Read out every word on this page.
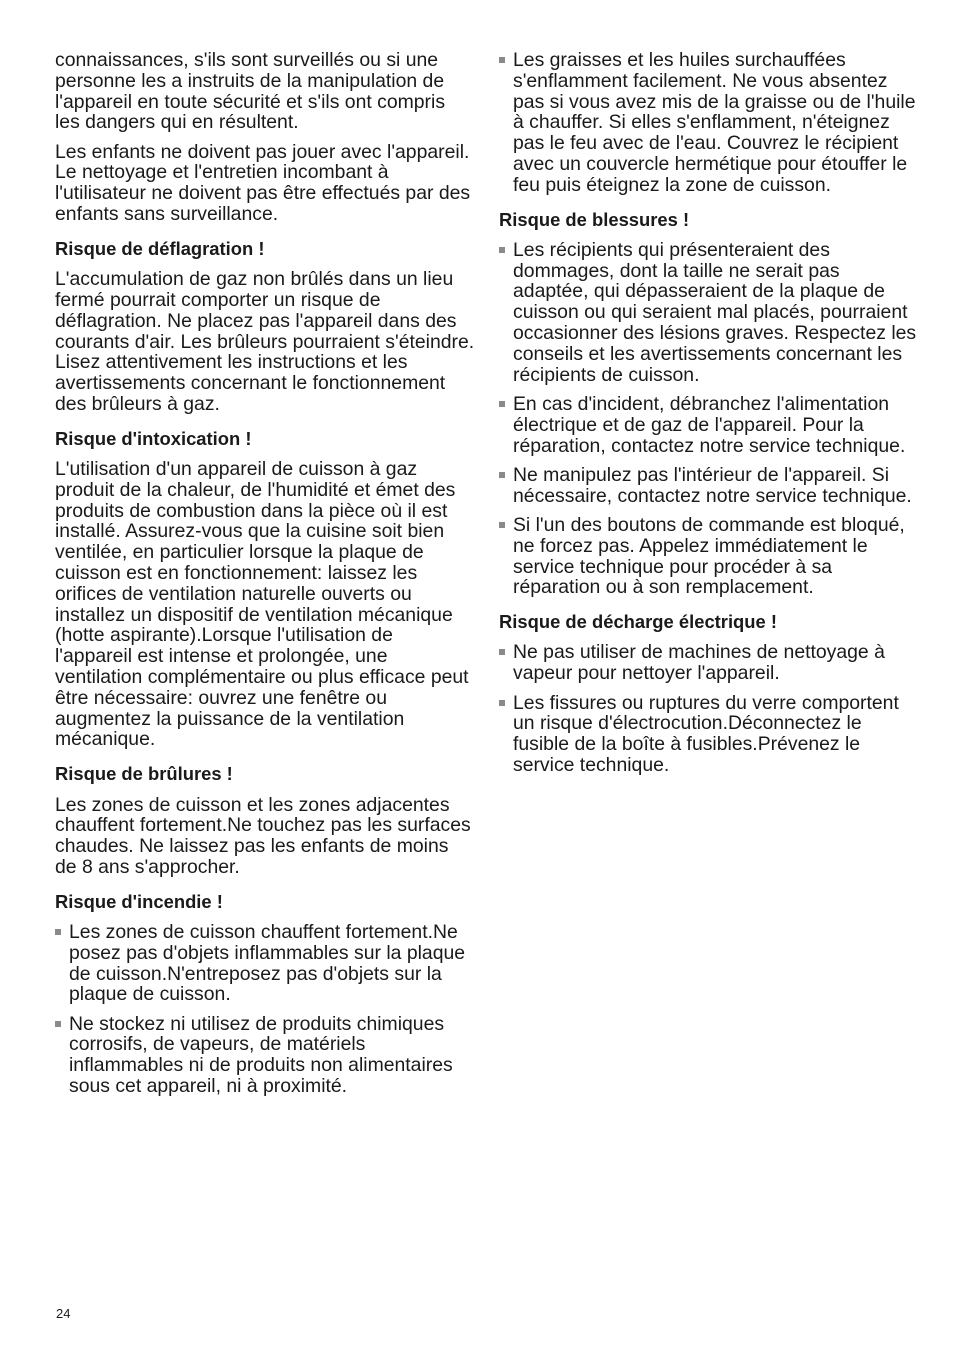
connaissances, s'ils sont surveillés ou si une personne les a instruits de la manipulation de l'appareil en toute sécurité et s'ils ont compris les dangers qui en résultent.

Les enfants ne doivent pas jouer avec l'appareil. Le nettoyage et l'entretien incombant à l'utilisateur ne doivent pas être effectués par des enfants sans surveillance.

Risque de déflagration !

L'accumulation de gaz non brûlés dans un lieu fermé pourrait comporter un risque de déflagration. Ne placez pas l'appareil dans des courants d'air. Les brûleurs pourraient s'éteindre. Lisez attentivement les instructions et les avertissements concernant le fonctionnement des brûleurs à gaz.

Risque d'intoxication !

L'utilisation d'un appareil de cuisson à gaz produit de la chaleur, de l'humidité et émet des produits de combustion dans la pièce où il est installé. Assurez-vous que la cuisine soit bien ventilée, en particulier lorsque la plaque de cuisson est en fonctionnement: laissez les orifices de ventilation naturelle ouverts ou installez un dispositif de ventilation mécanique (hotte aspirante).Lorsque l'utilisation de l'appareil est intense et prolongée, une ventilation complémentaire ou plus efficace peut être nécessaire: ouvrez une fenêtre ou augmentez la puissance de la ventilation mécanique.

Risque de brûlures !

Les zones de cuisson et les zones adjacentes chauffent fortement.Ne touchez pas les surfaces chaudes. Ne laissez pas les enfants de moins de 8 ans s'approcher.

Risque d'incendie !
Les zones de cuisson chauffent fortement.Ne posez pas d'objets inflammables sur la plaque de cuisson.N'entreposez pas d'objets sur la plaque de cuisson.
Ne stockez ni utilisez de produits chimiques corrosifs, de vapeurs, de matériels inflammables ni de produits non alimentaires sous cet appareil, ni à proximité.
Les graisses et les huiles surchauffées s'enflamment facilement. Ne vous absentez pas si vous avez mis de la graisse ou de l'huile à chauffer. Si elles s'enflamment, n'éteignez pas le feu avec de l'eau. Couvrez le récipient avec un couvercle hermétique pour étouffer le feu puis éteignez la zone de cuisson.
Risque de blessures !
Les récipients qui présenteraient des dommages, dont la taille ne serait pas adaptée, qui dépasseraient de la plaque de cuisson ou qui seraient mal placés, pourraient occasionner des lésions graves. Respectez les conseils et les avertissements concernant les récipients de cuisson.
En cas d'incident, débranchez l'alimentation électrique et de gaz de l'appareil. Pour la réparation, contactez notre service technique.
Ne manipulez pas l'intérieur de l'appareil. Si nécessaire, contactez notre service technique.
Si l'un des boutons de commande est bloqué, ne forcez pas. Appelez immédiatement le service technique pour procéder à sa réparation ou à son remplacement.
Risque de décharge électrique !
Ne pas utiliser de machines de nettoyage à vapeur pour nettoyer l'appareil.
Les fissures ou ruptures du verre comportent un risque d'électrocution.Déconnectez le fusible de la boîte à fusibles.Prévenez le service technique.
24
